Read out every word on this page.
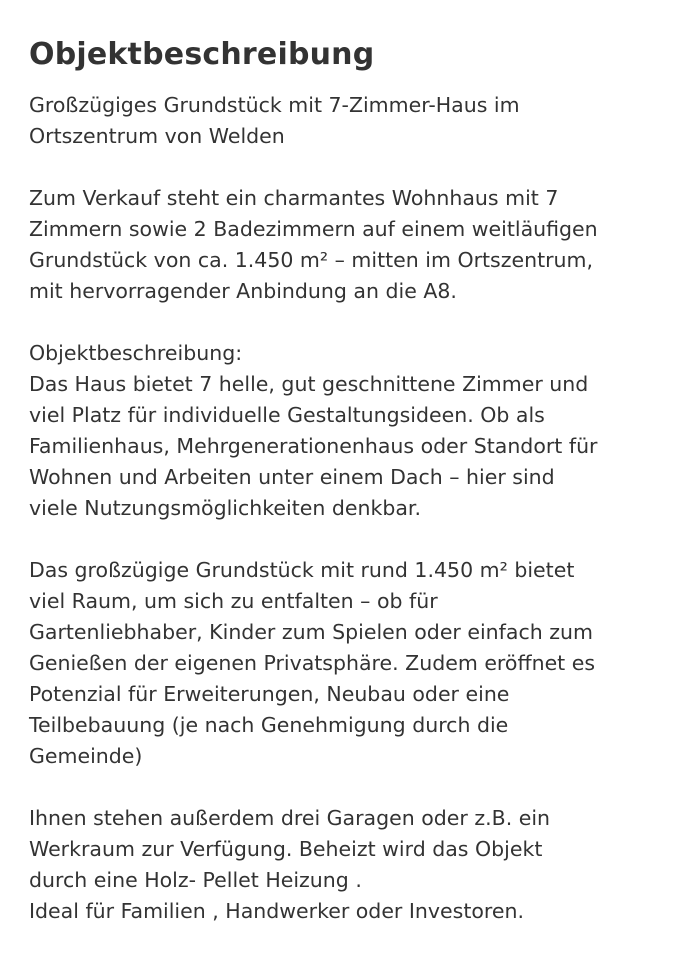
Objektbeschreibung

Großzügiges Grundstück mit 7-Zimmer-Haus im
Ortszentrum von Welden

Zum Verkauf steht ein charmantes Wohnhaus mit 7
Zimmern sowie 2 Badezimmern auf einem weitläufigen
Grundstück von ca. 1.450 m² – mitten im Ortszentrum,
mit hervorragender Anbindung an die A8.

Objektbeschreibung:
Das Haus bietet 7 helle, gut geschnittene Zimmer und
viel Platz für individuelle Gestaltungsideen. Ob als
Familienhaus, Mehrgenerationenhaus oder Standort für
Wohnen und Arbeiten unter einem Dach – hier sind
viele Nutzungsmöglichkeiten denkbar.

Das großzügige Grundstück mit rund 1.450 m² bietet
viel Raum, um sich zu entfalten – ob für
Gartenliebhaber, Kinder zum Spielen oder einfach zum
Genießen der eigenen Privatsphäre. Zudem eröffnet es
Potenzial für Erweiterungen, Neubau oder eine
Teilbebauung (je nach Genehmigung durch die
Gemeinde)

Ihnen stehen außerdem drei Garagen oder z.B. ein
Werkraum zur Verfügung. Beheizt wird das Objekt
durch eine Holz- Pellet Heizung .
Ideal für Familien , Handwerker oder Investoren.
